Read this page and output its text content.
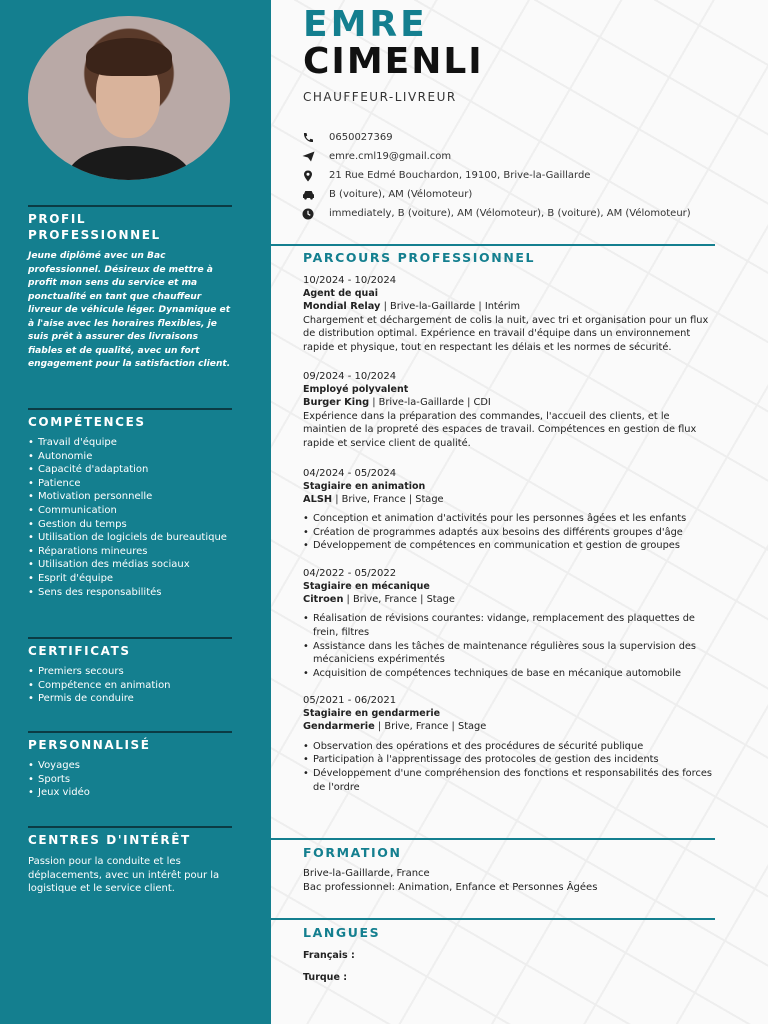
PROFIL
PROFESSIONNEL
Jeune diplômé avec un Bac professionnel. Désireux de mettre à profit mon sens du service et ma ponctualité en tant que chauffeur livreur de véhicule léger. Dynamique et à l'aise avec les horaires flexibles, je suis prêt à assurer des livraisons fiables et de qualité, avec un fort engagement pour la satisfaction client.
COMPÉTENCES
• Travail d'équipe
• Autonomie
• Capacité d'adaptation
• Patience
• Motivation personnelle
• Communication
• Gestion du temps
• Utilisation de logiciels de bureautique
• Réparations mineures
• Utilisation des médias sociaux
• Esprit d'équipe
• Sens des responsabilités
CERTIFICATS
• Premiers secours
• Compétence en animation
• Permis de conduire
PERSONNALISÉ
• Voyages
• Sports
• Jeux vidéo
CENTRES D'INTÉRÊT
Passion pour la conduite et les déplacements, avec un intérêt pour la logistique et le service client.
EMRE
CIMENLI
CHAUFFEUR-LIVREUR
0650027369
emre.cml19@gmail.com
21 Rue Edmé Bouchardon, 19100, Brive-la-Gaillarde
B (voiture), AM (Vélomoteur)
immediately, B (voiture), AM (Vélomoteur), B (voiture), AM (Vélomoteur)
PARCOURS PROFESSIONNEL
10/2024 - 10/2024
Agent de quai
Mondial Relay | Brive-la-Gaillarde | Intérim
Chargement et déchargement de colis la nuit, avec tri et organisation pour un flux de distribution optimal. Expérience en travail d'équipe dans un environnement rapide et physique, tout en respectant les délais et les normes de sécurité.
09/2024 - 10/2024
Employé polyvalent
Burger King | Brive-la-Gaillarde | CDI
Expérience dans la préparation des commandes, l'accueil des clients, et le maintien de la propreté des espaces de travail. Compétences en gestion de flux rapide et service client de qualité.
04/2024 - 05/2024
Stagiaire en animation
ALSH | Brive, France | Stage
• Conception et animation d'activités pour les personnes âgées et les enfants
• Création de programmes adaptés aux besoins des différents groupes d'âge
• Développement de compétences en communication et gestion de groupes
04/2022 - 05/2022
Stagiaire en mécanique
Citroen | Brive, France | Stage
• Réalisation de révisions courantes: vidange, remplacement des plaquettes de frein, filtres
• Assistance dans les tâches de maintenance régulières sous la supervision des mécaniciens expérimentés
• Acquisition de compétences techniques de base en mécanique automobile
05/2021 - 06/2021
Stagiaire en gendarmerie
Gendarmerie | Brive, France | Stage
• Observation des opérations et des procédures de sécurité publique
• Participation à l'apprentissage des protocoles de gestion des incidents
• Développement d'une compréhension des fonctions et responsabilités des forces de l'ordre
FORMATION
Brive-la-Gaillarde, France
Bac professionnel: Animation, Enfance et Personnes Âgées
LANGUES
Français :
Turque :
